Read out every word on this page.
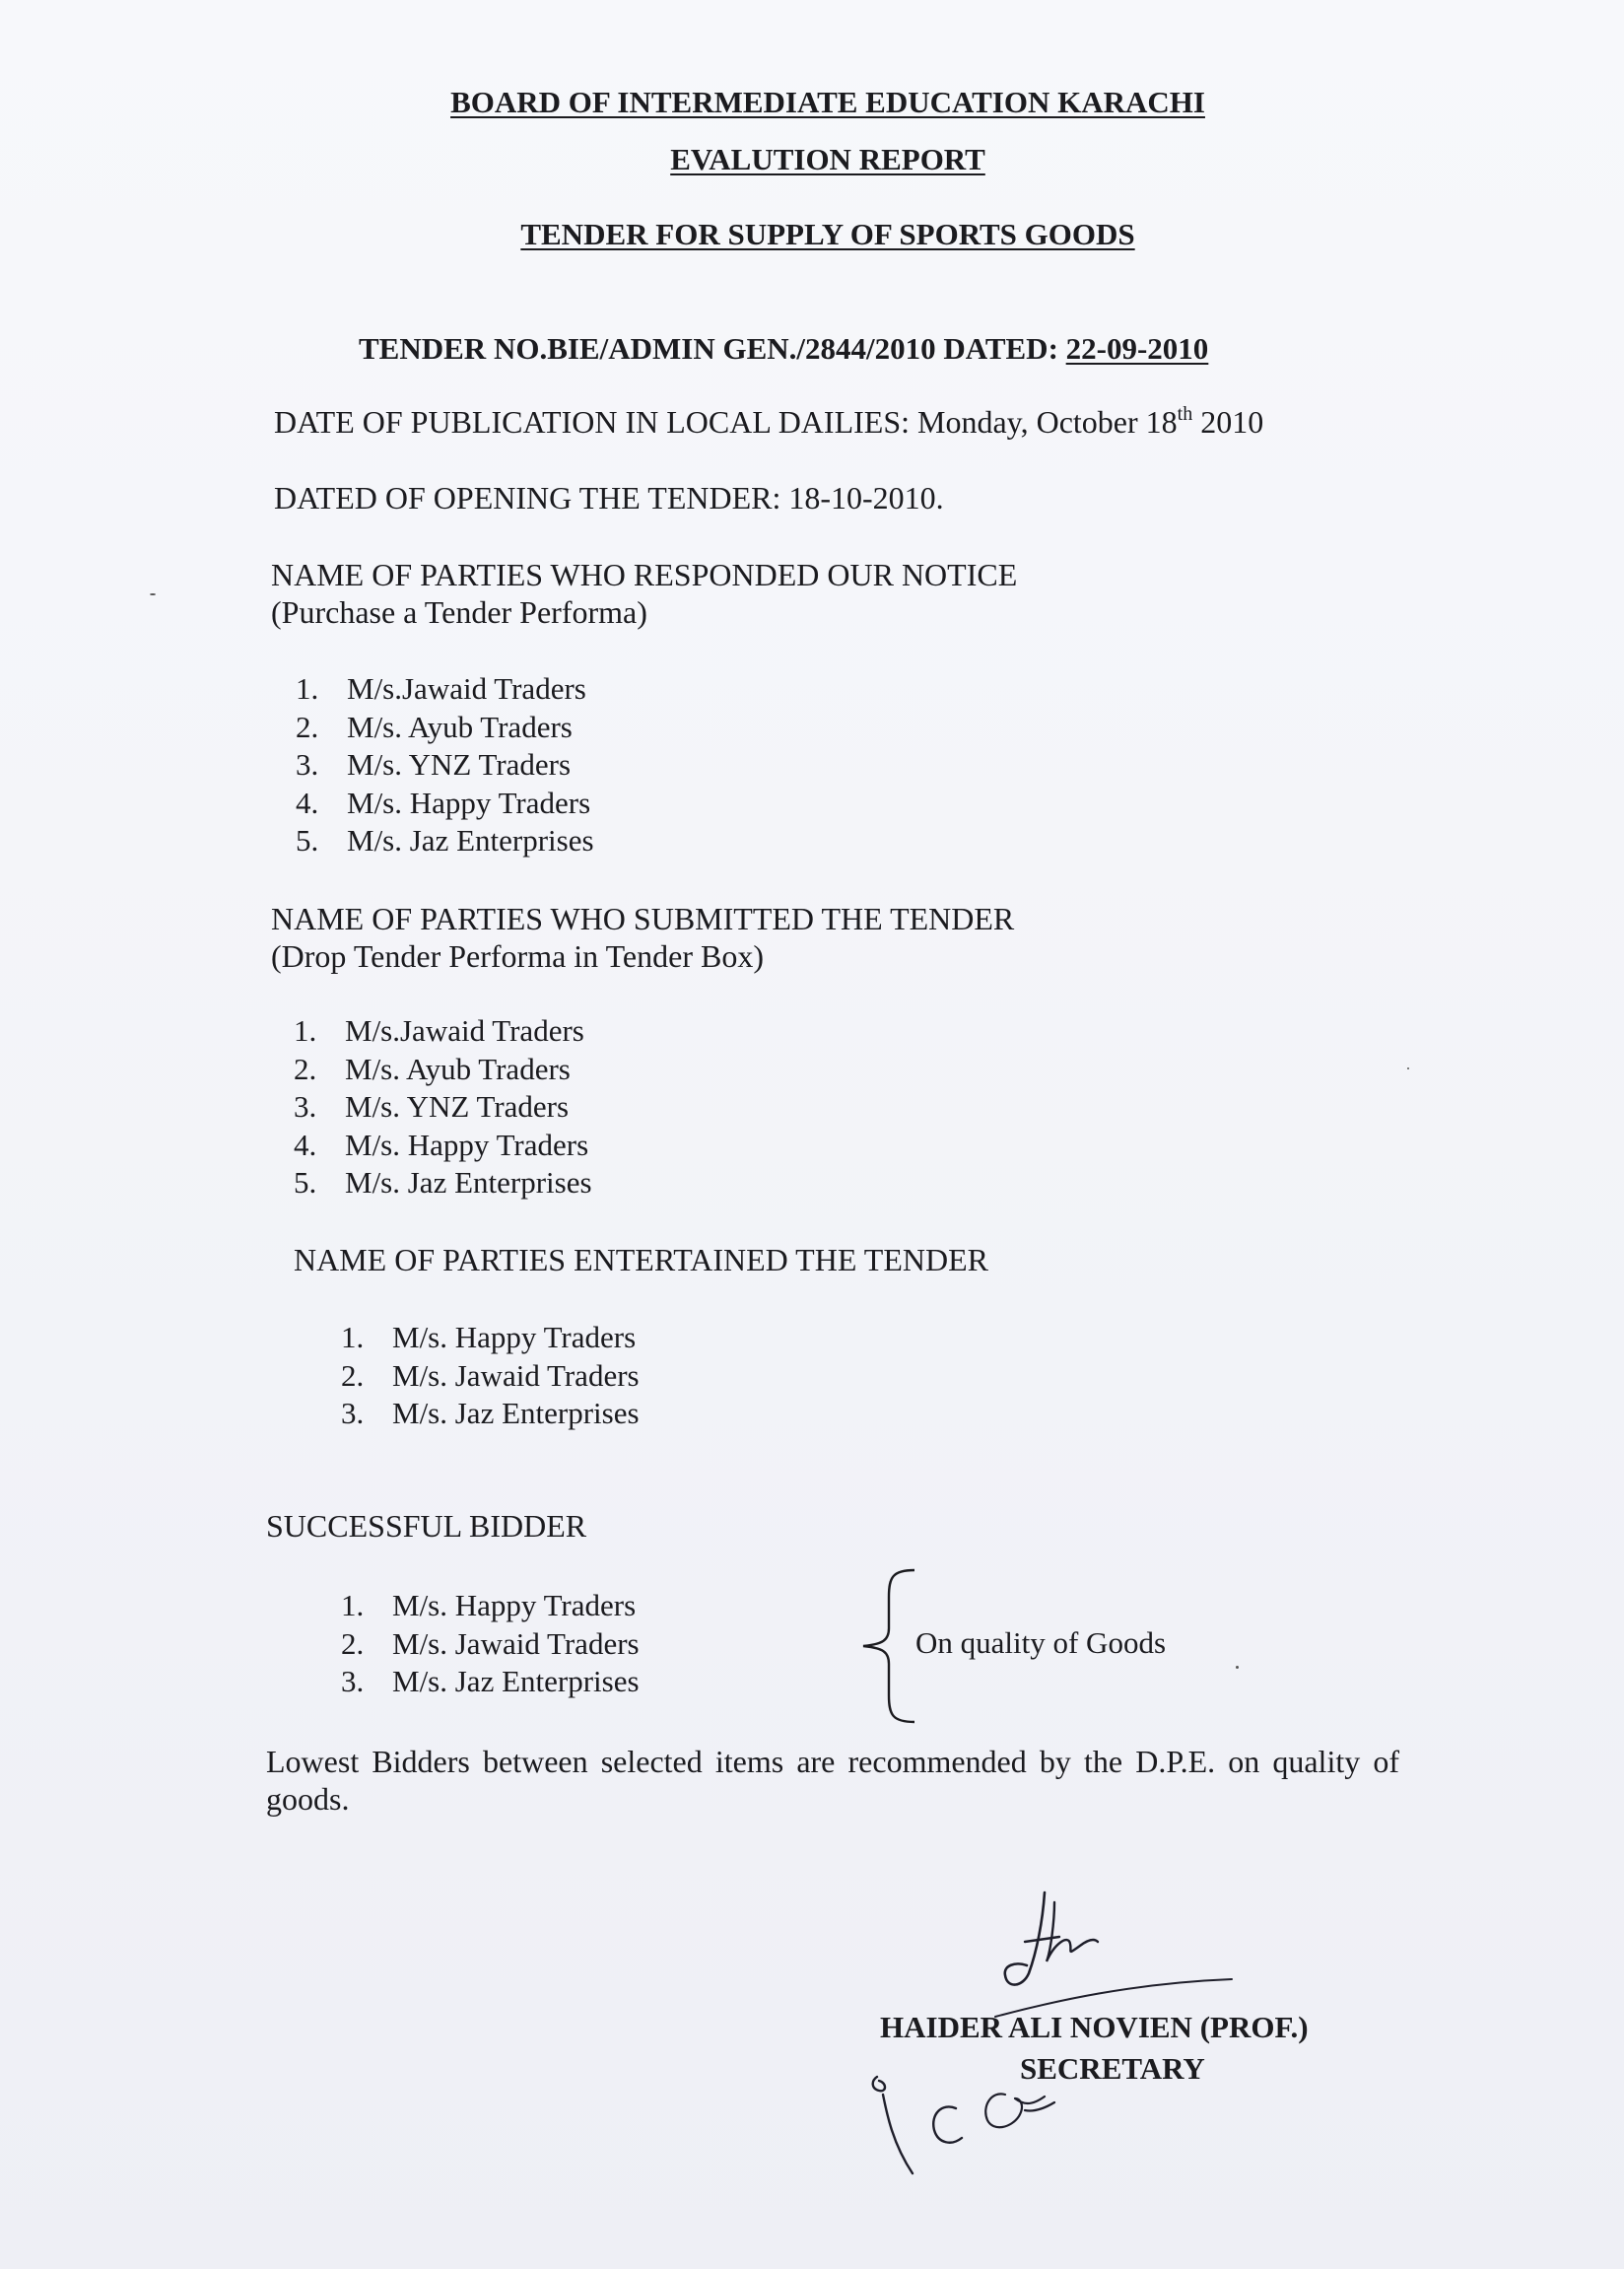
BOARD OF INTERMEDIATE EDUCATION KARACHI
EVALUTION REPORT
TENDER FOR SUPPLY OF SPORTS GOODS
TENDER NO.BIE/ADMIN GEN./2844/2010 DATED: 22-09-2010
DATE OF PUBLICATION IN LOCAL DAILIES: Monday, October 18th 2010
DATED OF OPENING THE TENDER: 18-10-2010.
NAME OF PARTIES WHO RESPONDED OUR NOTICE
(Purchase a Tender Performa)
1. M/s.Jawaid Traders
2. M/s. Ayub Traders
3. M/s. YNZ Traders
4. M/s. Happy Traders
5. M/s. Jaz Enterprises
NAME OF PARTIES WHO SUBMITTED THE TENDER
(Drop Tender Performa in Tender Box)
1. M/s.Jawaid Traders
2. M/s. Ayub Traders
3. M/s. YNZ Traders
4. M/s. Happy Traders
5. M/s. Jaz Enterprises
NAME OF PARTIES ENTERTAINED THE TENDER
1. M/s. Happy Traders
2. M/s. Jawaid Traders
3. M/s. Jaz Enterprises
SUCCESSFUL BIDDER
1. M/s. Happy Traders
2. M/s. Jawaid Traders
3. M/s. Jaz Enterprises
On quality of Goods
Lowest Bidders between selected items are recommended by the D.P.E. on quality of goods.
HAIDER ALI NOVIEN (PROF.)
SECRETARY
